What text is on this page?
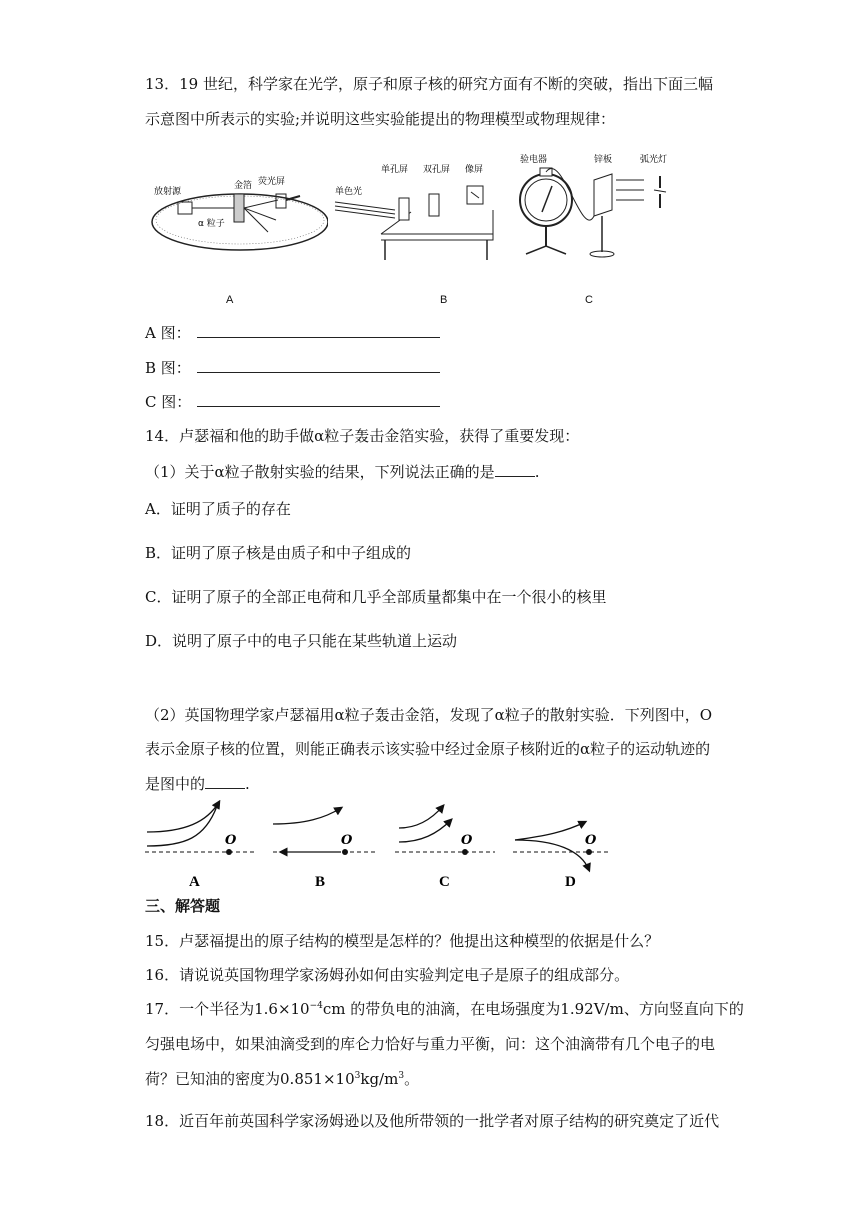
13．19 世纪，科学家在光学，原子和原子核的研究方面有不断的突破，指出下面三幅
示意图中所表示的实验;并说明这些实验能提出的物理模型或物理规律：
放射源
金箔 荧光屏
α 粒子
A
单色光
单孔屏 双孔屏 像屏
B
验电器	锌板	弧光灯
C
A 图：
B 图：
C 图：
14．卢瑟福和他的助手做α粒子轰击金箔实验，获得了重要发现：
（1）关于α粒子散射实验的结果，下列说法正确的是	.
A．证明了质子的存在
B．证明了原子核是由质子和中子组成的
C．证明了原子的全部正电荷和几乎全部质量都集中在一个很小的核里
D．说明了原子中的电子只能在某些轨道上运动
（2）英国物理学家卢瑟福用α粒子轰击金箔，发现了α粒子的散射实验．下列图中，O
表示金原子核的位置，则能正确表示该实验中经过金原子核附近的α粒子的运动轨迹的
是图中的	.
O
A
O
B
O
C
O
D
三、解答题
15．卢瑟福提出的原子结构的模型是怎样的？他提出这种模型的依据是什么？
16．请说说英国物理学家汤姆孙如何由实验判定电子是原子的组成部分。
17．一个半径为$1.6\times 10^{-4}cm$ 的带负电的油滴，在电场强度为1.92V/m、方向竖直向下的
匀强电场中，如果油滴受到的库仑力恰好与重力平衡，问：这个油滴带有几个电子的电
荷？已知油的密度为$0.851\times 10^3kg/m^3$。
18．近百年前英国科学家汤姆逊以及他所带领的一批学者对原子结构的研究奠定了近代
